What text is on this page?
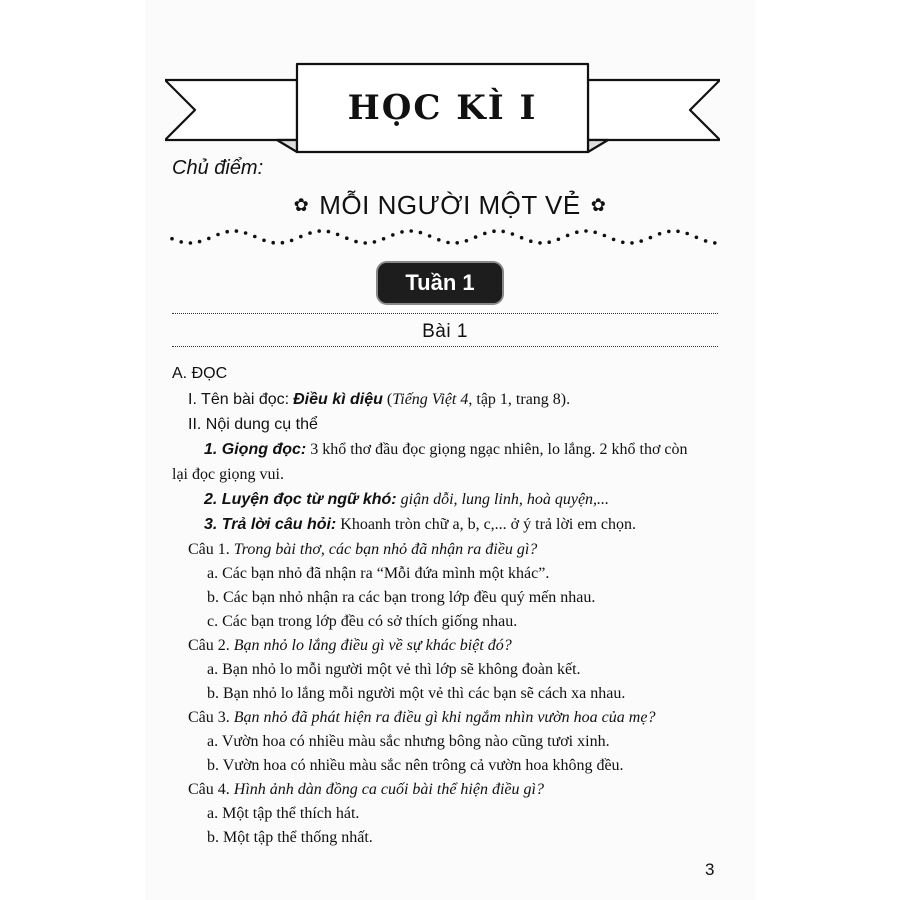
HỌC KÌ I
Chủ điểm:
✿ MỖI NGƯỜI MỘT VẺ ✿
Tuần 1
Bài 1
A. ĐỌC
I. Tên bài đọc: Điều kì diệu (Tiếng Việt 4, tập 1, trang 8).
II. Nội dung cụ thể
1. Giọng đọc: 3 khổ thơ đầu đọc giọng ngạc nhiên, lo lắng. 2 khổ thơ còn
lại đọc giọng vui.
2. Luyện đọc từ ngữ khó: giận dỗi, lung linh, hoà quyện,...
3. Trả lời câu hỏi: Khoanh tròn chữ a, b, c,... ở ý trả lời em chọn.
Câu 1. Trong bài thơ, các bạn nhỏ đã nhận ra điều gì?
a. Các bạn nhỏ đã nhận ra “Mỗi đứa mình một khác”.
b. Các bạn nhỏ nhận ra các bạn trong lớp đều quý mến nhau.
c. Các bạn trong lớp đều có sở thích giống nhau.
Câu 2. Bạn nhỏ lo lắng điều gì về sự khác biệt đó?
a. Bạn nhỏ lo mỗi người một vẻ thì lớp sẽ không đoàn kết.
b. Bạn nhỏ lo lắng mỗi người một vẻ thì các bạn sẽ cách xa nhau.
Câu 3. Bạn nhỏ đã phát hiện ra điều gì khi ngắm nhìn vườn hoa của mẹ?
a. Vườn hoa có nhiều màu sắc nhưng bông nào cũng tươi xinh.
b. Vườn hoa có nhiều màu sắc nên trông cả vườn hoa không đều.
Câu 4. Hình ảnh dàn đồng ca cuối bài thể hiện điều gì?
a. Một tập thể thích hát.
b. Một tập thể thống nhất.
3
